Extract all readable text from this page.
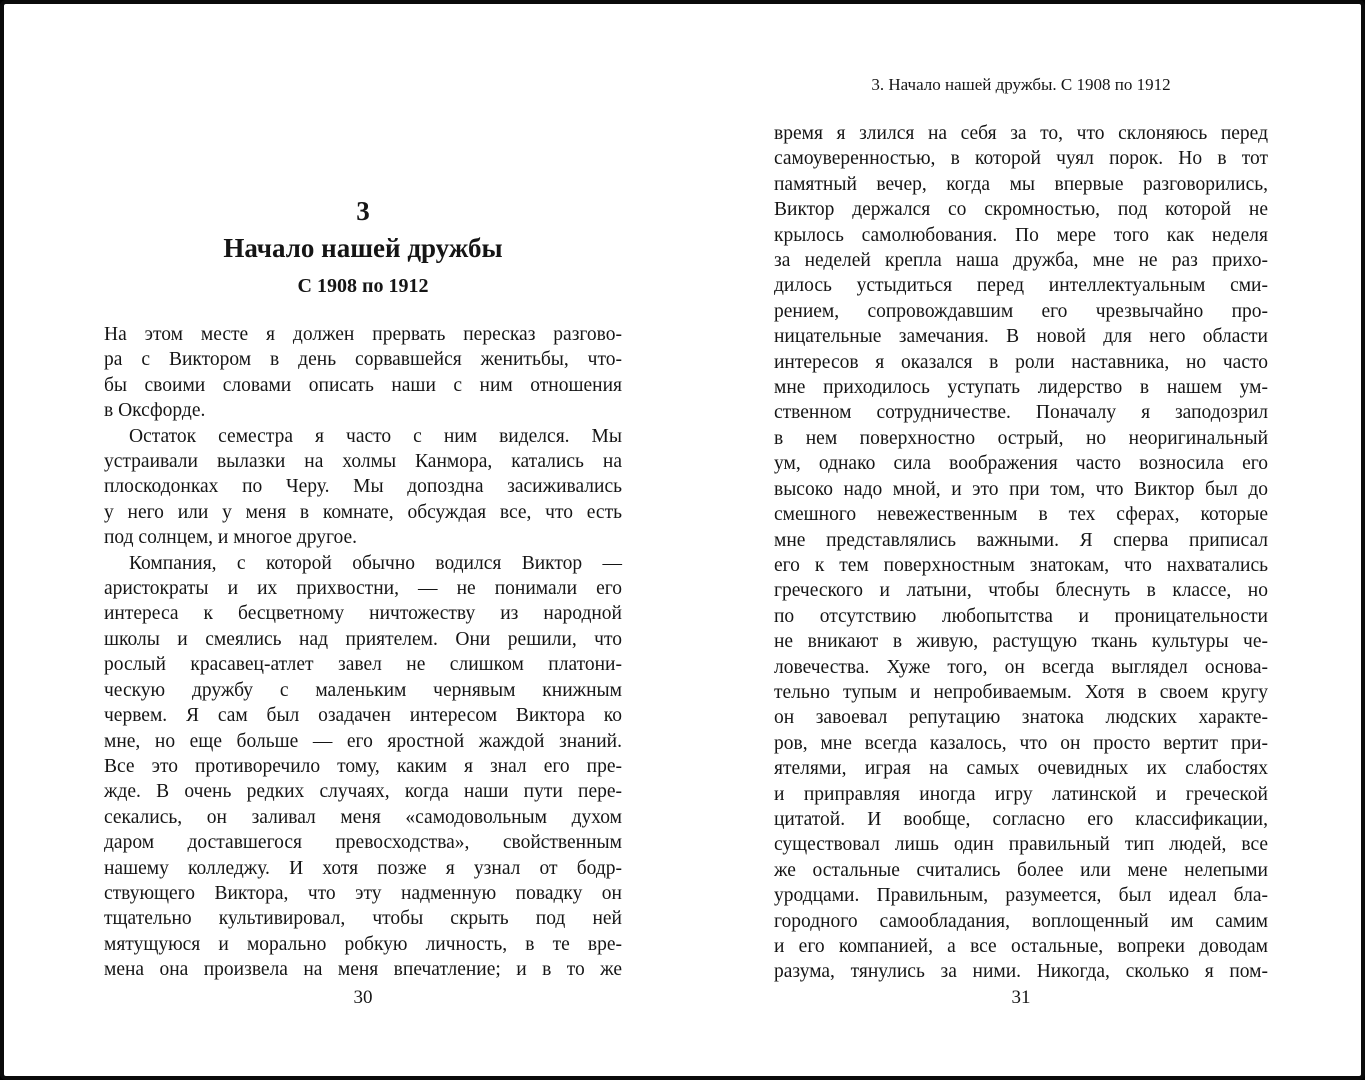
3
Начало нашей дружбы
С 1908 по 1912
На этом месте я должен прервать пересказ разгово-
ра с Виктором в день сорвавшейся женитьбы, что-
бы своими словами описать наши с ним отношения
в Оксфорде.
Остаток семестра я часто с ним виделся. Мы
устраивали вылазки на холмы Канмора, катались на
плоскодонках по Черу. Мы допоздна засиживались
у него или у меня в комнате, обсуждая все, что есть
под солнцем, и многое другое.
Компания, с которой обычно водился Виктор —
аристократы и их прихвостни, — не понимали его
интереса к бесцветному ничтожеству из народной
школы и смеялись над приятелем. Они решили, что
рослый красавец-атлет завел не слишком платони-
ческую дружбу с маленьким чернявым книжным
червем. Я сам был озадачен интересом Виктора ко
мне, но еще больше — его яростной жаждой знаний.
Все это противоречило тому, каким я знал его пре-
жде. В очень редких случаях, когда наши пути пере-
секались, он заливал меня «самодовольным духом
даром доставшегося превосходства», свойственным
нашему колледжу. И хотя позже я узнал от бодр-
ствующего Виктора, что эту надменную повадку он
тщательно культивировал, чтобы скрыть под ней
мятущуюся и морально робкую личность, в те вре-
мена она произвела на меня впечатление; и в то же
30
3. Начало нашей дружбы. С 1908 по 1912
время я злился на себя за то, что склоняюсь перед
самоуверенностью, в которой чуял порок. Но в тот
памятный вечер, когда мы впервые разговорились,
Виктор держался со скромностью, под которой не
крылось самолюбования. По мере того как неделя
за неделей крепла наша дружба, мне не раз прихо-
дилось устыдиться перед интеллектуальным сми-
рением, сопровождавшим его чрезвычайно про-
ницательные замечания. В новой для него области
интересов я оказался в роли наставника, но часто
мне приходилось уступать лидерство в нашем ум-
ственном сотрудничестве. Поначалу я заподозрил
в нем поверхностно острый, но неоригинальный
ум, однако сила воображения часто возносила его
высоко надо мной, и это при том, что Виктор был до
смешного невежественным в тех сферах, которые
мне представлялись важными. Я сперва приписал
его к тем поверхностным знатокам, что нахватались
греческого и латыни, чтобы блеснуть в классе, но
по отсутствию любопытства и проницательности
не вникают в живую, растущую ткань культуры че-
ловечества. Хуже того, он всегда выглядел основа-
тельно тупым и непробиваемым. Хотя в своем кругу
он завоевал репутацию знатока людских характе-
ров, мне всегда казалось, что он просто вертит при-
ятелями, играя на самых очевидных их слабостях
и приправляя иногда игру латинской и греческой
цитатой. И вообще, согласно его классификации,
существовал лишь один правильный тип людей, все
же остальные считались более или мене нелепыми
уродцами. Правильным, разумеется, был идеал бла-
городного самообладания, воплощенный им самим
и его компанией, а все остальные, вопреки доводам
разума, тянулись за ними. Никогда, сколько я пом-
31
